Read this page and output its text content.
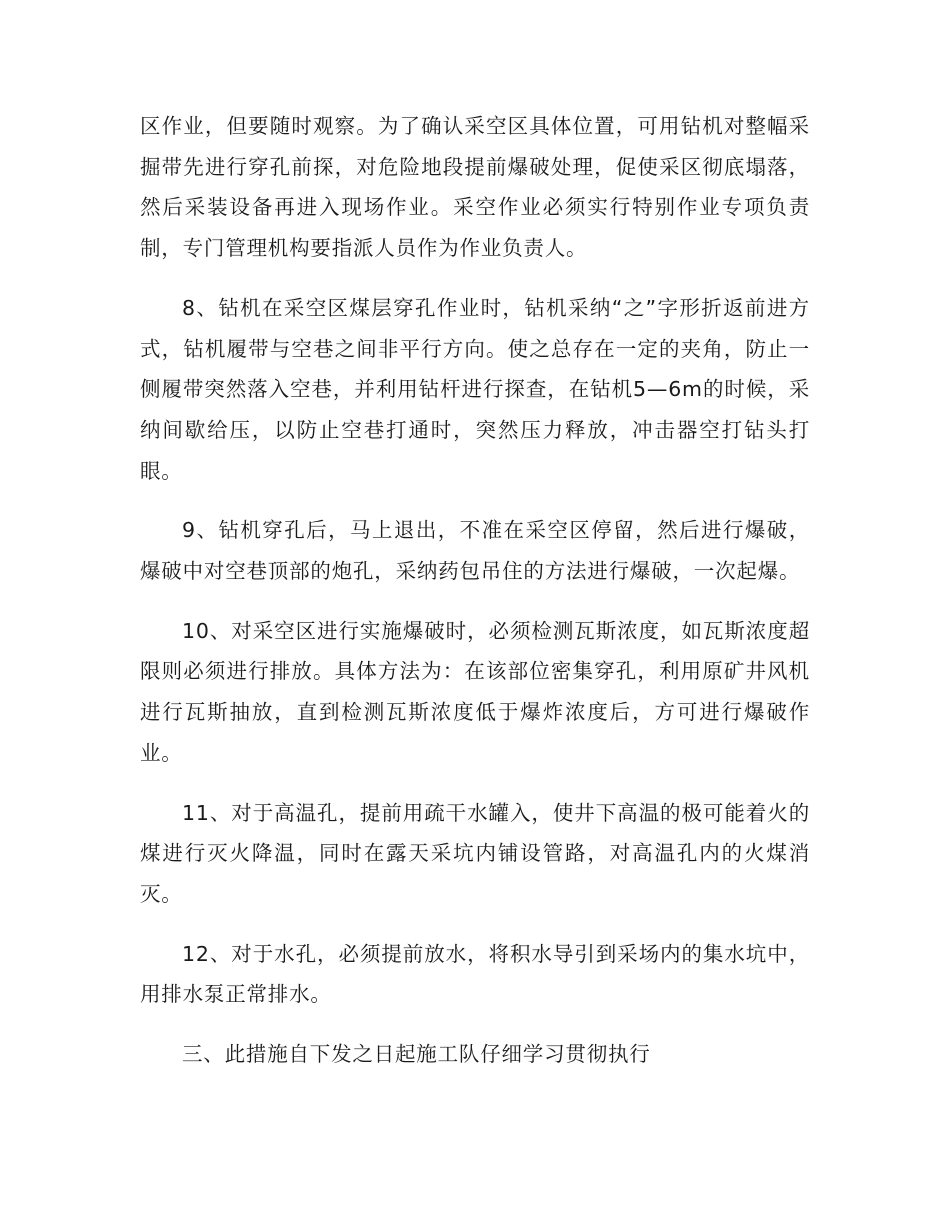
区作业，但要随时观察。为了确认采空区具体位置，可用钻机对整幅采掘带先进行穿孔前探，对危险地段提前爆破处理，促使采区彻底塌落，然后采装设备再进入现场作业。采空作业必须实行特别作业专项负责制，专门管理机构要指派人员作为作业负责人。

8、钻机在采空区煤层穿孔作业时，钻机采纳“之”字形折返前进方式，钻机履带与空巷之间非平行方向。使之总存在一定的夹角，防止一侧履带突然落入空巷，并利用钻杆进行探查，在钻机5—6m的时候，采纳间歇给压，以防止空巷打通时，突然压力释放，冲击器空打钻头打眼。

9、钻机穿孔后，马上退出，不准在采空区停留，然后进行爆破，爆破中对空巷顶部的炮孔，采纳药包吊住的方法进行爆破，一次起爆。

10、对采空区进行实施爆破时，必须检测瓦斯浓度，如瓦斯浓度超限则必须进行排放。具体方法为：在该部位密集穿孔，利用原矿井风机进行瓦斯抽放，直到检测瓦斯浓度低于爆炸浓度后，方可进行爆破作业。

11、对于高温孔，提前用疏干水罐入，使井下高温的极可能着火的煤进行灭火降温，同时在露天采坑内铺设管路，对高温孔内的火煤消灭。

12、对于水孔，必须提前放水，将积水导引到采场内的集水坑中，用排水泵正常排水。

三、此措施自下发之日起施工队仔细学习贯彻执行
